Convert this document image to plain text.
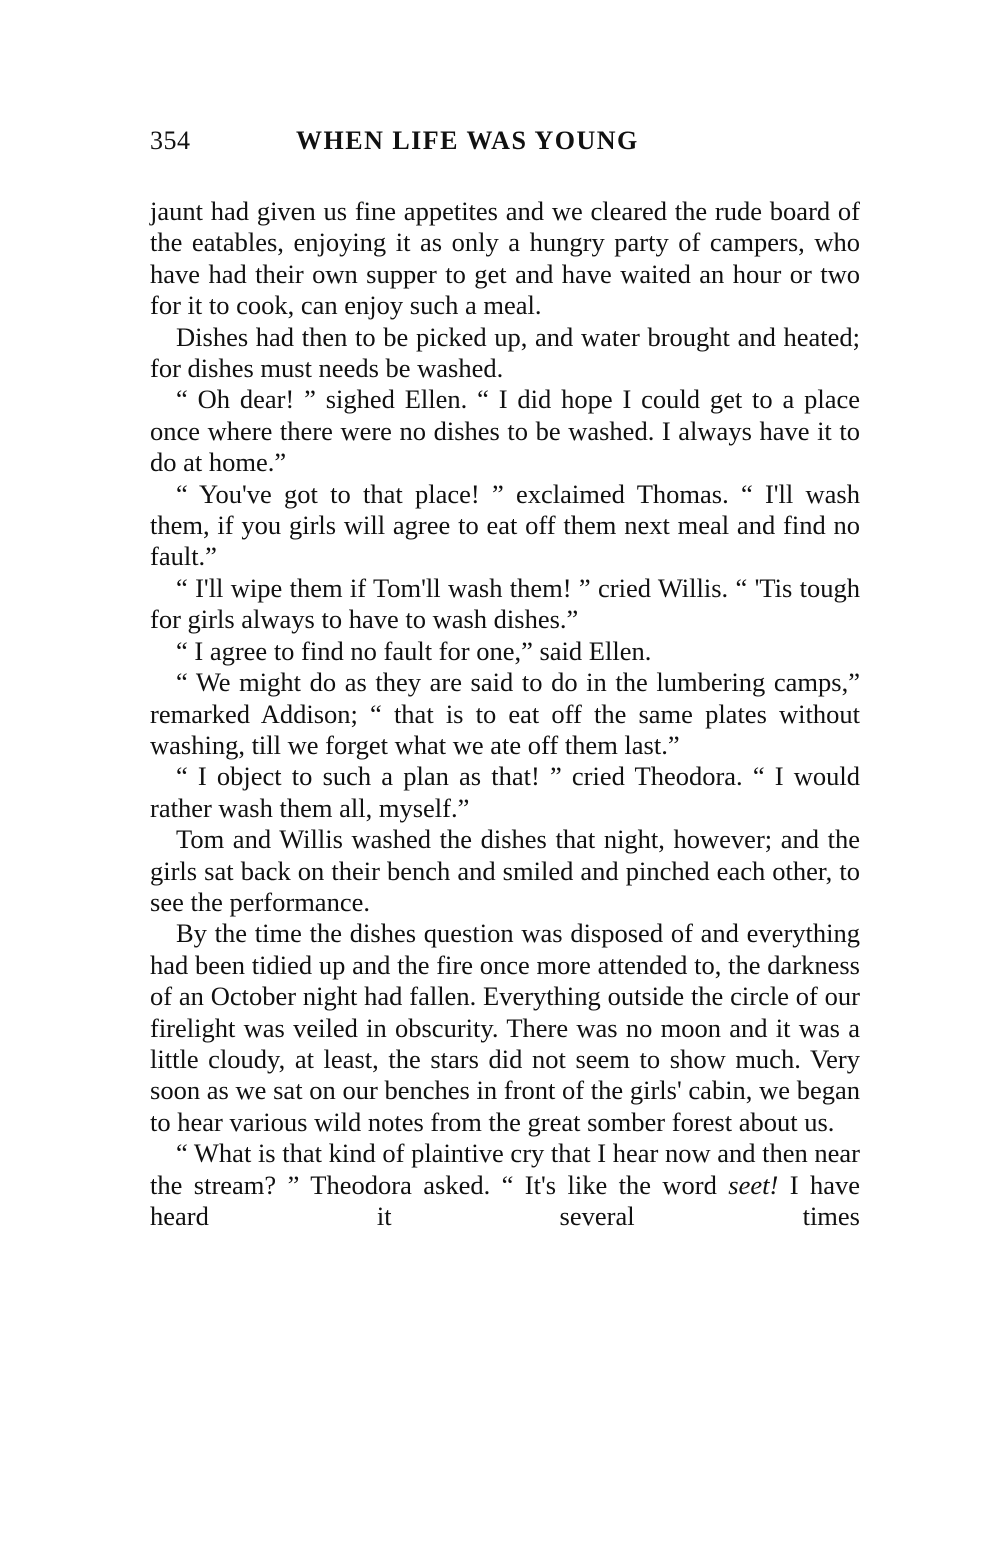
354	WHEN LIFE WAS YOUNG

jaunt had given us fine appetites and we cleared the rude board of the eatables, enjoying it as only a hungry party of campers, who have had their own supper to get and have waited an hour or two for it to cook, can enjoy such a meal.

Dishes had then to be picked up, and water brought and heated; for dishes must needs be washed.

“ Oh dear! ” sighed Ellen. “ I did hope I could get to a place once where there were no dishes to be washed. I always have it to do at home.”

“ You've got to that place! ” exclaimed Thomas. “ I'll wash them, if you girls will agree to eat off them next meal and find no fault.”

“ I'll wipe them if Tom'll wash them! ” cried Willis. “ 'Tis tough for girls always to have to wash dishes.”

“ I agree to find no fault for one,” said Ellen.

“ We might do as they are said to do in the lumbering camps,” remarked Addison; “ that is to eat off the same plates without washing, till we forget what we ate off them last.”

“ I object to such a plan as that! ” cried Theodora. “ I would rather wash them all, myself.”

Tom and Willis washed the dishes that night, however; and the girls sat back on their bench and smiled and pinched each other, to see the performance.

By the time the dishes question was disposed of and everything had been tidied up and the fire once more attended to, the darkness of an October night had fallen. Everything outside the circle of our firelight was veiled in obscurity. There was no moon and it was a little cloudy, at least, the stars did not seem to show much. Very soon as we sat on our benches in front of the girls' cabin, we began to hear various wild notes from the great somber forest about us.

“ What is that kind of plaintive cry that I hear now and then near the stream? ” Theodora asked. “ It's like the word seet! I have heard it several times
